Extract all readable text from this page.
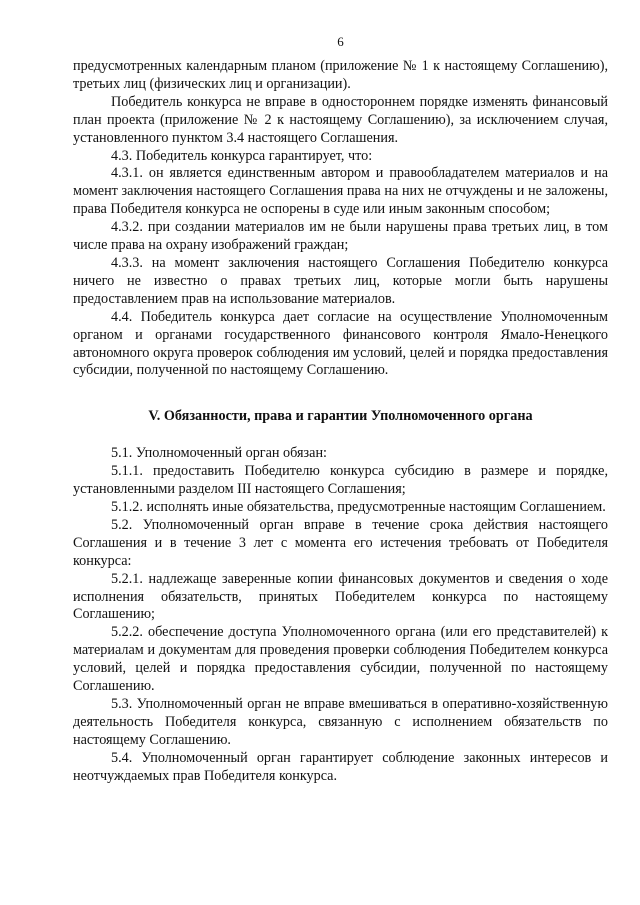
6

предусмотренных календарным планом (приложение № 1 к настоящему Соглашению), третьих лиц (физических лиц и организации).

Победитель конкурса не вправе в одностороннем порядке изменять финансовый план проекта (приложение № 2 к настоящему Соглашению), за исключением случая, установленного пунктом 3.4 настоящего Соглашения.

4.3. Победитель конкурса гарантирует, что:

4.3.1. он является единственным автором и правообладателем материалов и на момент заключения настоящего Соглашения права на них не отчуждены и не заложены, права Победителя конкурса не оспорены в суде или иным законным способом;

4.3.2. при создании материалов им не были нарушены права третьих лиц, в том числе права на охрану изображений граждан;

4.3.3. на момент заключения настоящего Соглашения Победителю конкурса ничего не известно о правах третьих лиц, которые могли быть нарушены предоставлением прав на использование материалов.

4.4. Победитель конкурса дает согласие на осуществление Уполномоченным органом и органами государственного финансового контроля Ямало-Ненецкого автономного округа проверок соблюдения им условий, целей и порядка предоставления субсидии, полученной по настоящему Соглашению.

V. Обязанности, права и гарантии Уполномоченного органа

5.1. Уполномоченный орган обязан:

5.1.1. предоставить Победителю конкурса субсидию в размере и порядке, установленными разделом III настоящего Соглашения;

5.1.2. исполнять иные обязательства, предусмотренные настоящим Соглашением.

5.2. Уполномоченный орган вправе в течение срока действия настоящего Соглашения и в течение 3 лет с момента его истечения требовать от Победителя конкурса:

5.2.1. надлежаще заверенные копии финансовых документов и сведения о ходе исполнения обязательств, принятых Победителем конкурса по настоящему Соглашению;

5.2.2. обеспечение доступа Уполномоченного органа (или его представителей) к материалам и документам для проведения проверки соблюдения Победителем конкурса условий, целей и порядка предоставления субсидии, полученной по настоящему Соглашению.

5.3. Уполномоченный орган не вправе вмешиваться в оперативно-хозяйственную деятельность Победителя конкурса, связанную с исполнением обязательств по настоящему Соглашению.

5.4. Уполномоченный орган гарантирует соблюдение законных интересов и неотчуждаемых прав Победителя конкурса.
